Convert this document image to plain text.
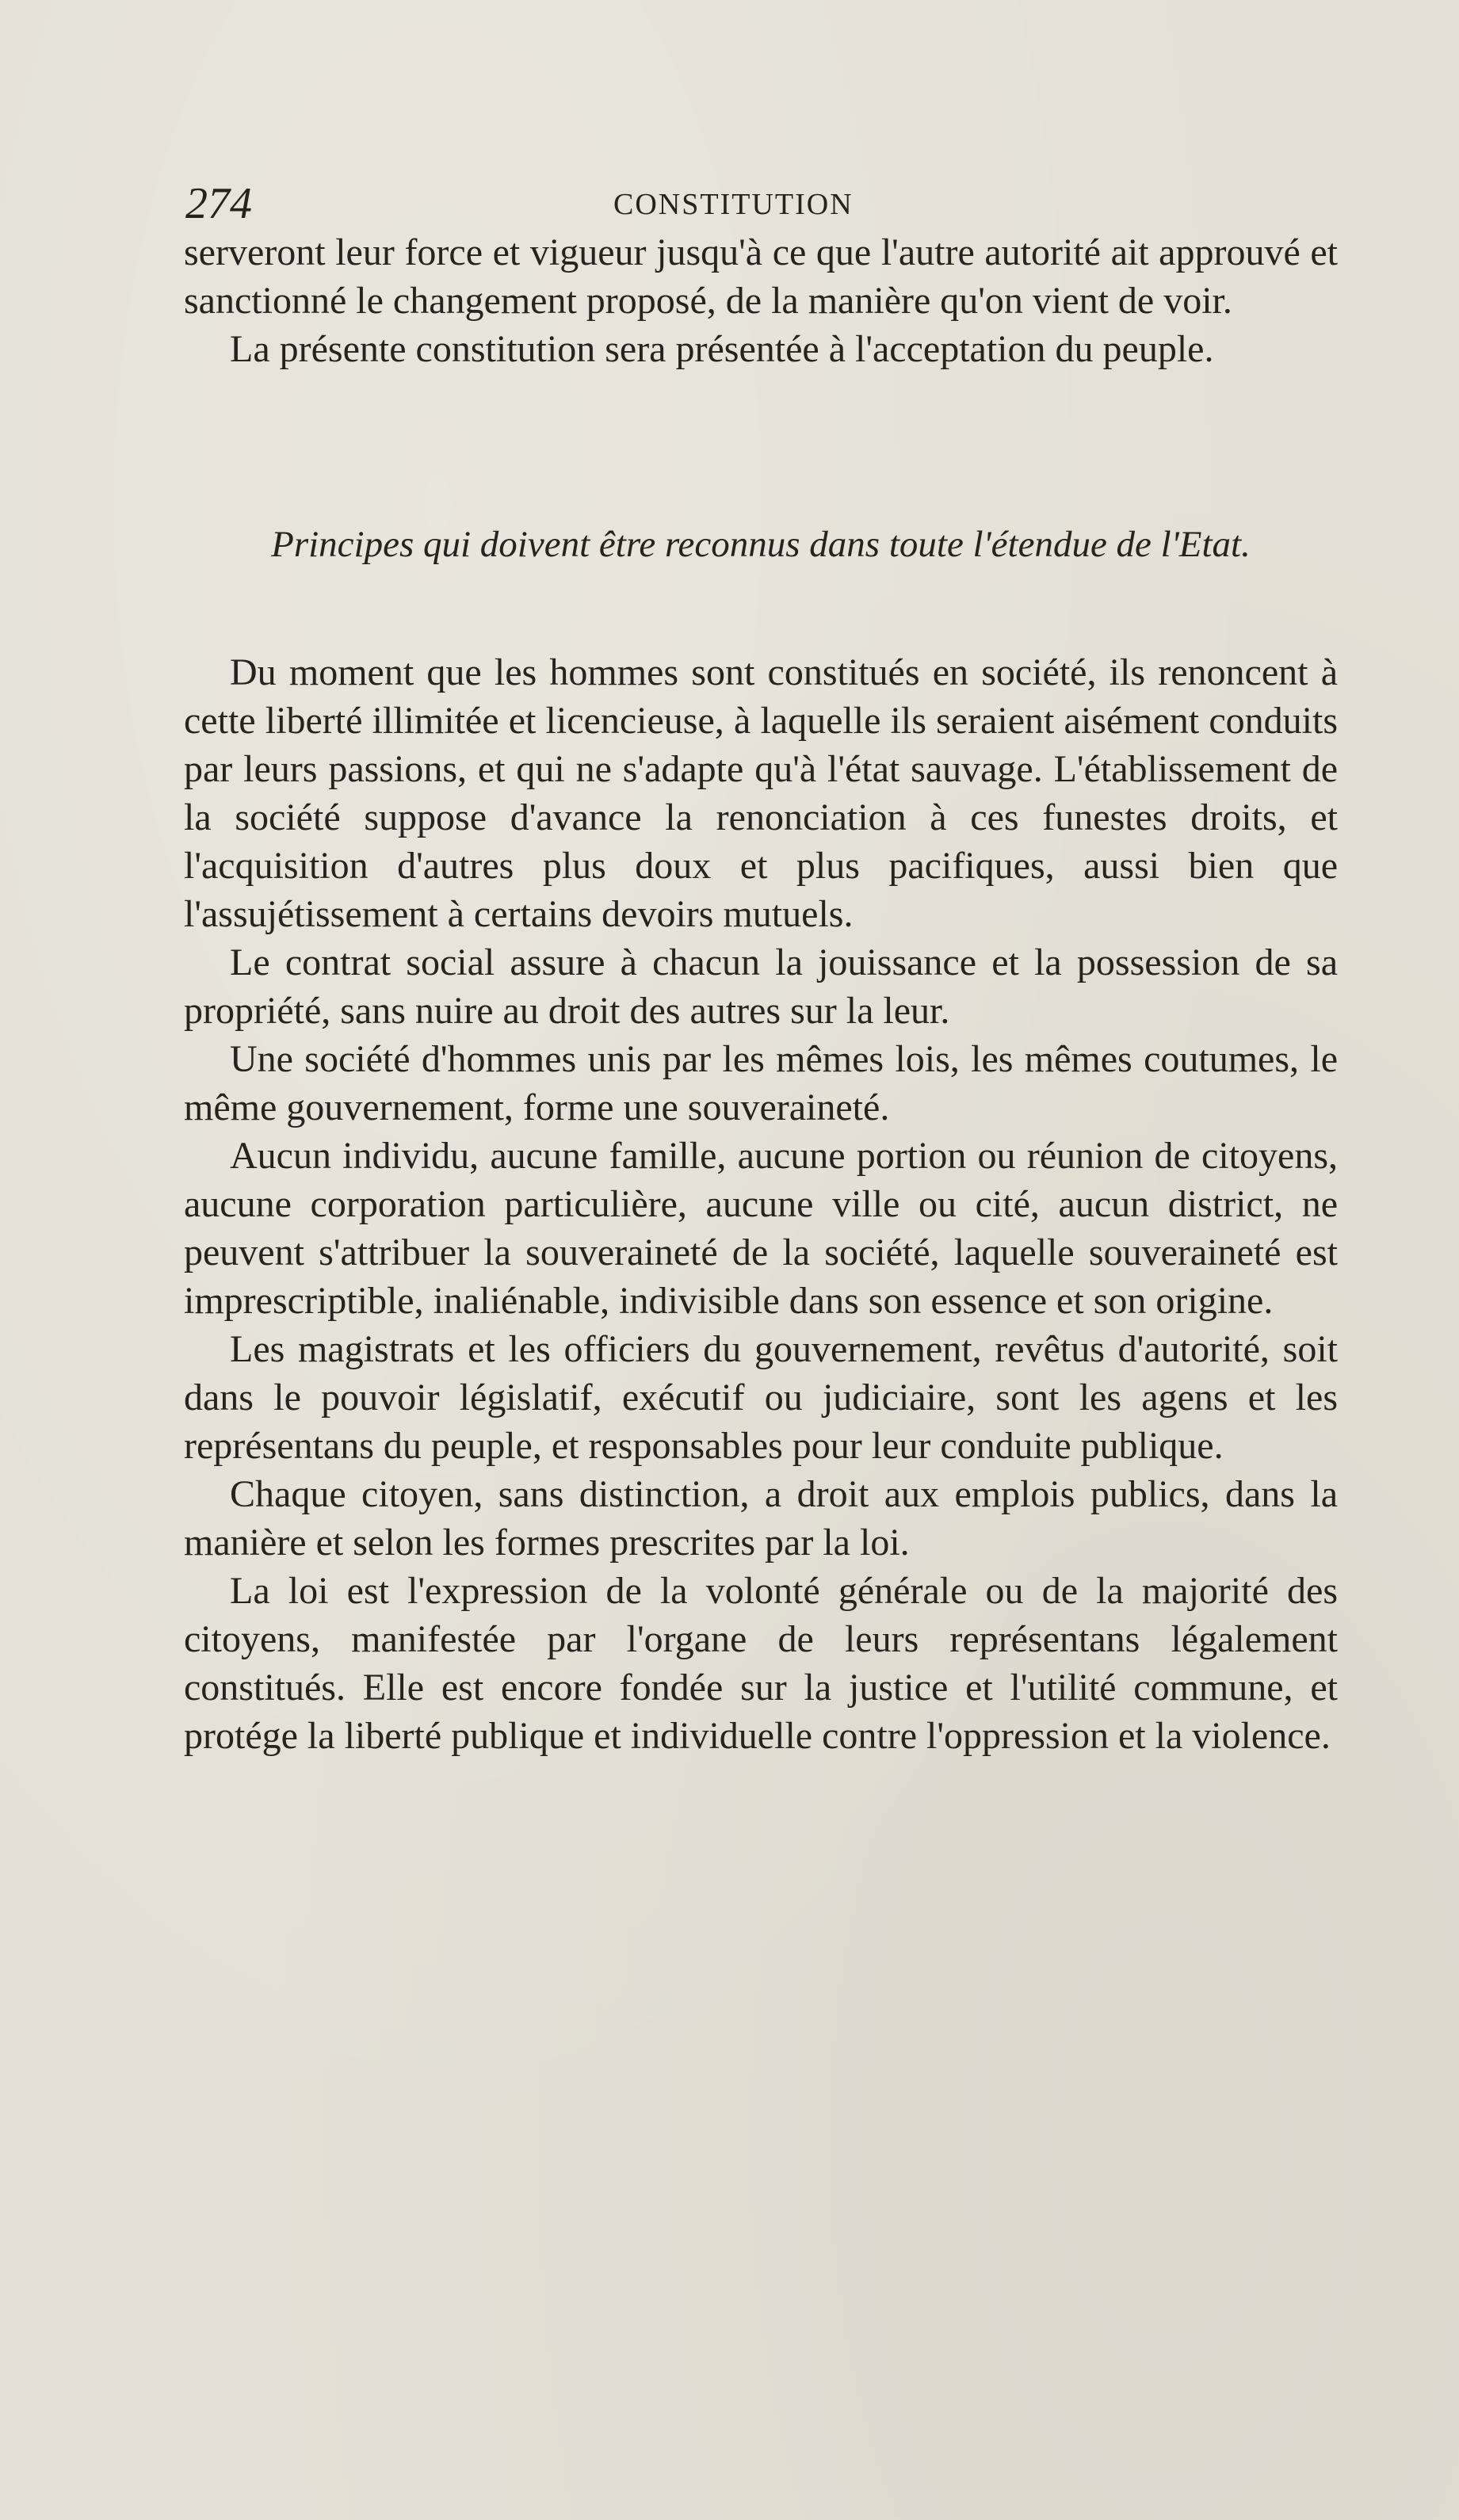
274	CONSTITUTION

serveront leur force et vigueur jusqu'à ce que l'autre autorité ait approuvé et sanctionné le changement proposé, de la manière qu'on vient de voir.

La présente constitution sera présentée à l'acceptation du peuple.

Principes qui doivent être reconnus dans toute l'étendue de l'Etat.

Du moment que les hommes sont constitués en société, ils renoncent à cette liberté illimitée et licencieuse, à laquelle ils seraient aisément conduits par leurs passions, et qui ne s'adapte qu'à l'état sauvage. L'établissement de la société suppose d'avance la renonciation à ces funestes droits, et l'acquisition d'autres plus doux et plus pacifiques, aussi bien que l'assujétissement à certains devoirs mutuels.

Le contrat social assure à chacun la jouissance et la possession de sa propriété, sans nuire au droit des autres sur la leur.

Une société d'hommes unis par les mêmes lois, les mêmes coutumes, le même gouvernement, forme une souveraineté.

Aucun individu, aucune famille, aucune portion ou réunion de citoyens, aucune corporation particulière, aucune ville ou cité, aucun district, ne peuvent s'attribuer la souveraineté de la société, laquelle souveraineté est imprescriptible, inaliénable, indivisible dans son essence et son origine.

Les magistrats et les officiers du gouvernement, revêtus d'autorité, soit dans le pouvoir législatif, exécutif ou judiciaire, sont les agens et les représentans du peuple, et responsables pour leur conduite publique.

Chaque citoyen, sans distinction, a droit aux emplois publics, dans la manière et selon les formes prescrites par la loi.

La loi est l'expression de la volonté générale ou de la majorité des citoyens, manifestée par l'organe de leurs représentans légalement constitués. Elle est encore fondée sur la justice et l'utilité commune, et protége la liberté publique et individuelle contre l'oppression et la violence.
